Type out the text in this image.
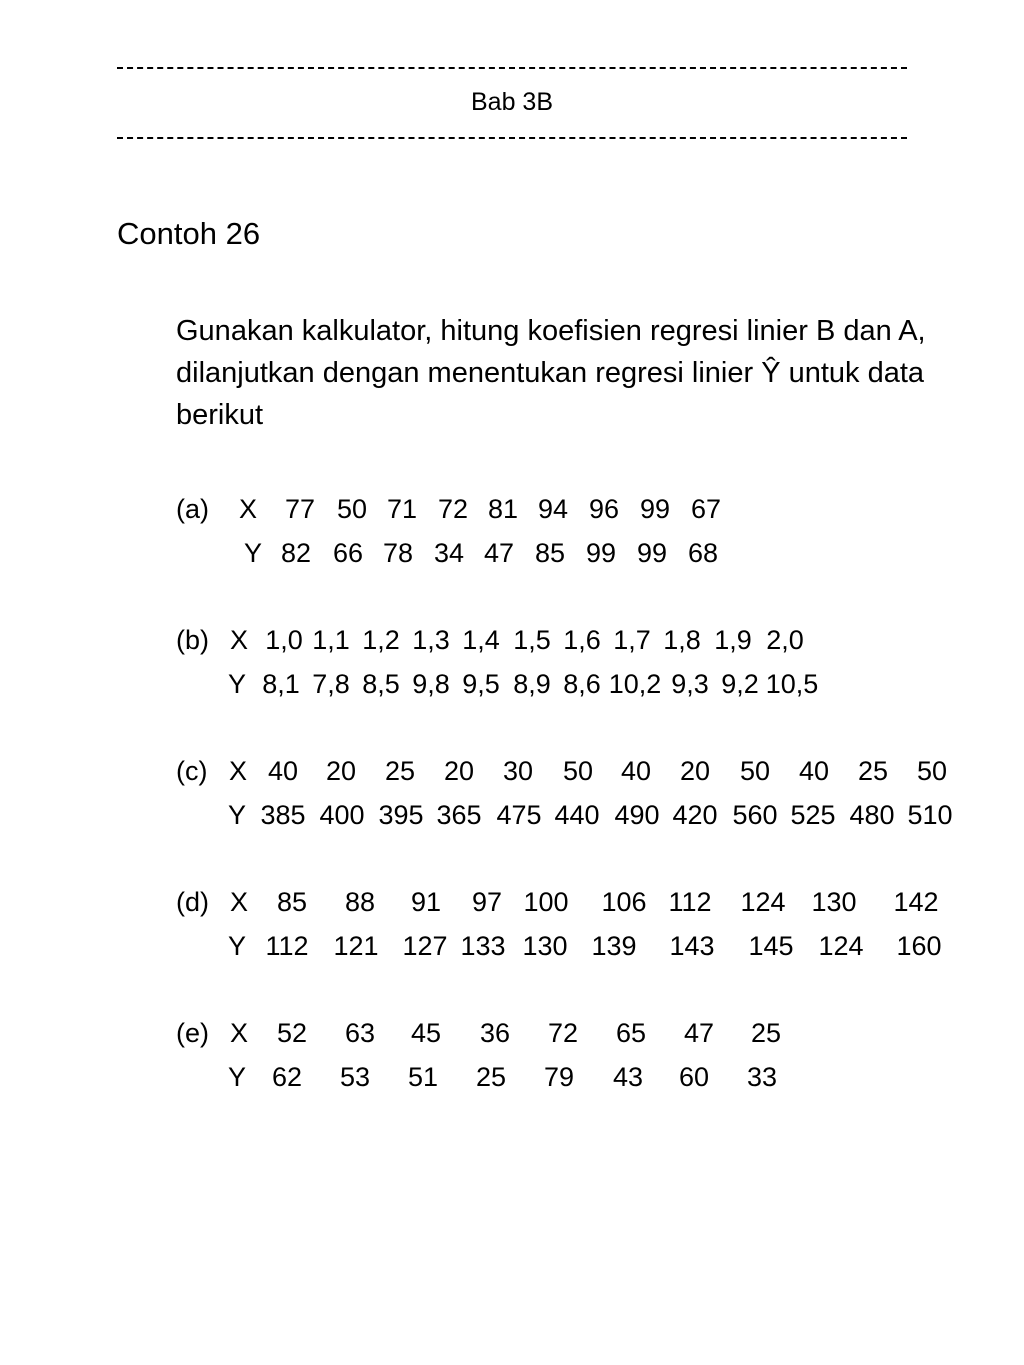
Bab 3B
Contoh 26
Gunakan kalkulator, hitung koefisien regresi linier B dan A, dilanjutkan dengan menentukan regresi linier Ŷ untuk data berikut
(a) X 77 50 71 72 81 94 96 99 67
Y 82 66 78 34 47 85 99 99 68
(b) X 1,0 1,1 1,2 1,3 1,4 1,5 1,6 1,7 1,8 1,9 2,0
Y 8,1 7,8 8,5 9,8 9,5 8,9 8,6 10,2 9,3 9,2 10,5
(c) X 40 20 25 20 30 50 40 20 50 40 25 50
Y 385 400 395 365 475 440 490 420 560 525 480 510
(d) X 85 88 91 97 100 106 112 124 130 142
Y 112 121 127 133 130 139 143 145 124 160
(e) X 52 63 45 36 72 65 47 25
Y 62 53 51 25 79 43 60 33
